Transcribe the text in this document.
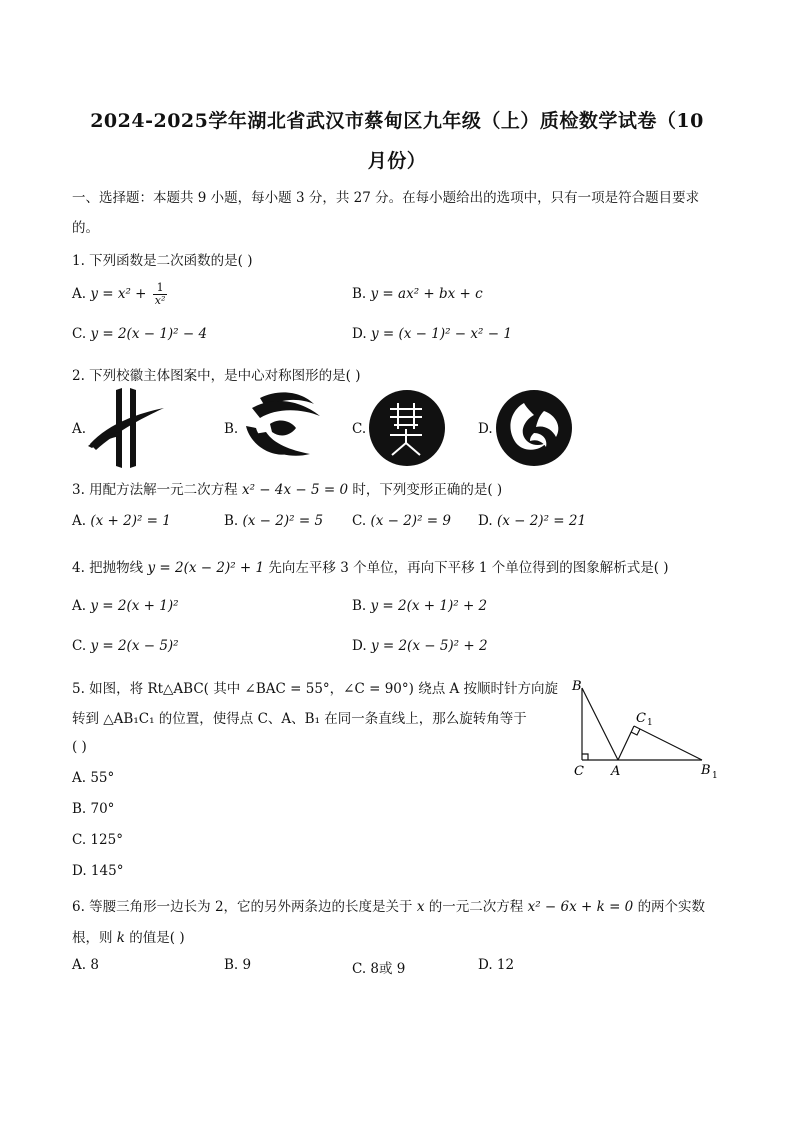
2024-2025学年湖北省武汉市蔡甸区九年级（上）质检数学试卷（10
月份）
一、选择题：本题共 9 小题，每小题 3 分，共 27 分。在每小题给出的选项中，只有一项是符合题目要求
的。
1. 下列函数是二次函数的是( )
A. $y = x^2 + \frac{1}{\text{x²}}$	B. y = ax² + bx + c
C. y = 2(x − 1)² − 4	D. y = (x − 1)² − x² − 1
2. 下列校徽主体图案中，是中心对称图形的是( )
A.	B.	C.	D.
3. 用配方法解一元二次方程 x² − 4x − 5 = 0 时，下列变形正确的是( )
A. (x + 2)² = 1	B. (x − 2)² = 5 C. (x − 2)² = 9 D. (x − 2)² = 21
4. 把抛物线 y = 2(x − 2)² + 1 先向左平移 3 个单位，再向下平移 1 个单位得到的图象解析式是( )
A. y = 2(x + 1)²	B. y = 2(x + 1)² + 2
C. y = 2(x − 5)²	D. y = 2(x − 5)² + 2
5. 如图，将 Rt△ABC( 其中 ∠BAC = 55°，∠C = 90°) 绕点 A 按顺时针方向旋
转到 △AB₁C₁ 的位置，使得点 C、A、B₁ 在同一条直线上，那么旋转角等于
( )
A. 55°
B. 70°
C. 125°
D. 145°
B
C 1
C A	B 1
6. 等腰三角形一边长为 2，它的另外两条边的长度是关于 x 的一元二次方程 x² − 6x + k = 0 的两个实数
根，则 k 的值是( )
A. 8	B. 9	C. 8或 9	D. 12
